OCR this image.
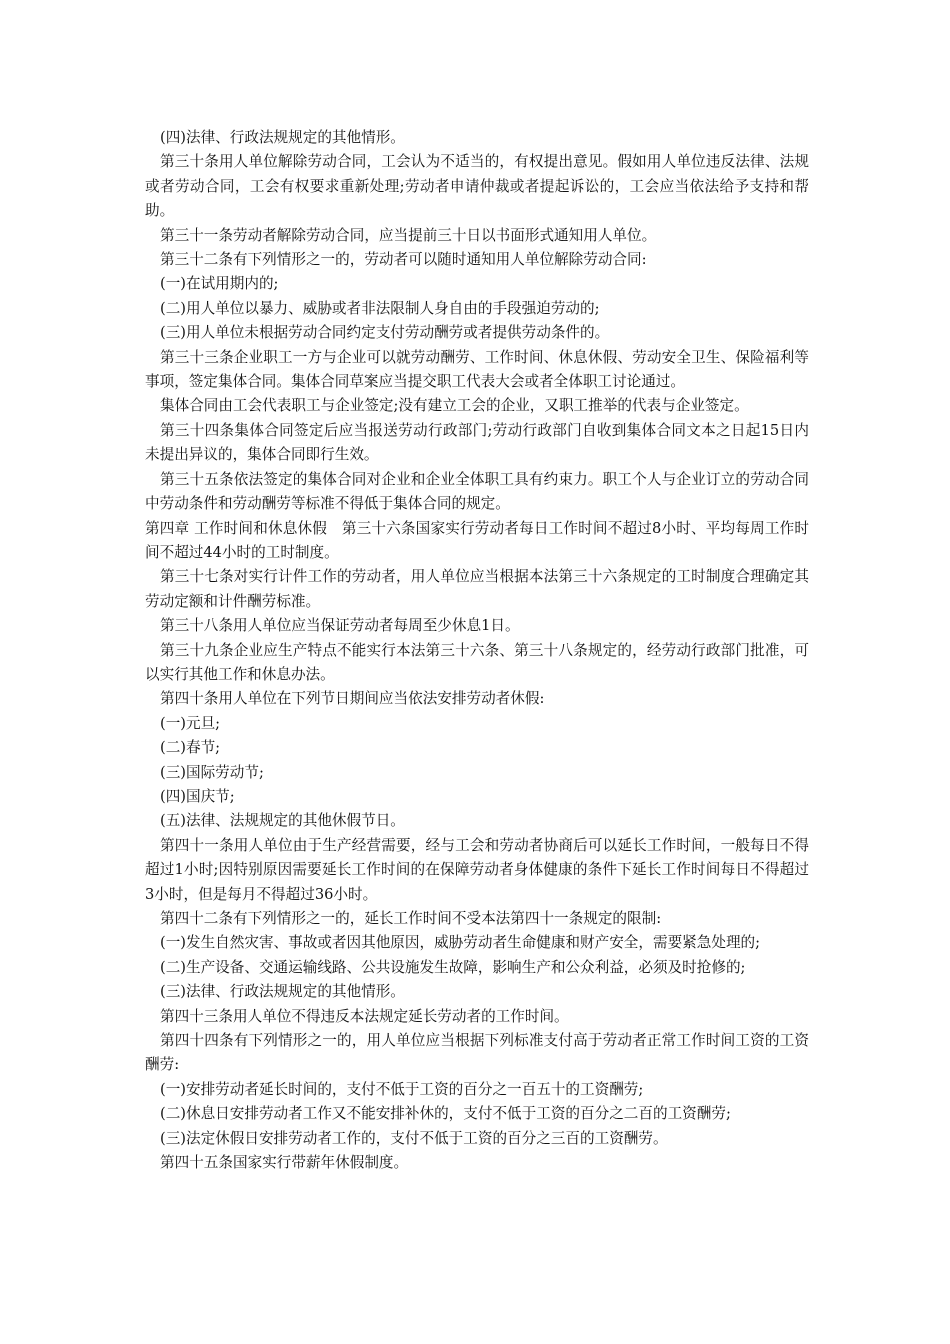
(四)法律、行政法规规定的其他情形。

第三十条用人单位解除劳动合同，工会认为不适当的，有权提出意见。假如用人单位违反法律、法规或者劳动合同，工会有权要求重新处理;劳动者申请仲裁或者提起诉讼的，工会应当依法给予支持和帮助。

第三十一条劳动者解除劳动合同，应当提前三十日以书面形式通知用人单位。

第三十二条有下列情形之一的，劳动者可以随时通知用人单位解除劳动合同:

(一)在试用期内的;

(二)用人单位以暴力、威胁或者非法限制人身自由的手段强迫劳动的;

(三)用人单位未根据劳动合同约定支付劳动酬劳或者提供劳动条件的。

第三十三条企业职工一方与企业可以就劳动酬劳、工作时间、休息休假、劳动安全卫生、保险福利等事项，签定集体合同。集体合同草案应当提交职工代表大会或者全体职工讨论通过。

集体合同由工会代表职工与企业签定;没有建立工会的企业，又职工推举的代表与企业签定。

第三十四条集体合同签定后应当报送劳动行政部门;劳动行政部门自收到集体合同文本之日起15日内未提出异议的，集体合同即行生效。

第三十五条依法签定的集体合同对企业和企业全体职工具有约束力。职工个人与企业订立的劳动合同中劳动条件和劳动酬劳等标准不得低于集体合同的规定。

第四章 工作时间和休息休假　第三十六条国家实行劳动者每日工作时间不超过8小时、平均每周工作时间不超过44小时的工时制度。

第三十七条对实行计件工作的劳动者，用人单位应当根据本法第三十六条规定的工时制度合理确定其劳动定额和计件酬劳标准。

第三十八条用人单位应当保证劳动者每周至少休息1日。

第三十九条企业应生产特点不能实行本法第三十六条、第三十八条规定的，经劳动行政部门批准，可以实行其他工作和休息办法。

第四十条用人单位在下列节日期间应当依法安排劳动者休假:

(一)元旦;

(二)春节;

(三)国际劳动节;

(四)国庆节;

(五)法律、法规规定的其他休假节日。

第四十一条用人单位由于生产经营需要，经与工会和劳动者协商后可以延长工作时间，一般每日不得超过1小时;因特别原因需要延长工作时间的在保障劳动者身体健康的条件下延长工作时间每日不得超过3小时，但是每月不得超过36小时。

第四十二条有下列情形之一的，延长工作时间不受本法第四十一条规定的限制:

(一)发生自然灾害、事故或者因其他原因，威胁劳动者生命健康和财产安全，需要紧急处理的;

(二)生产设备、交通运输线路、公共设施发生故障，影响生产和公众利益，必须及时抢修的;

(三)法律、行政法规规定的其他情形。

第四十三条用人单位不得违反本法规定延长劳动者的工作时间。

第四十四条有下列情形之一的，用人单位应当根据下列标准支付高于劳动者正常工作时间工资的工资酬劳:

(一)安排劳动者延长时间的，支付不低于工资的百分之一百五十的工资酬劳;

(二)休息日安排劳动者工作又不能安排补休的，支付不低于工资的百分之二百的工资酬劳;

(三)法定休假日安排劳动者工作的，支付不低于工资的百分之三百的工资酬劳。

第四十五条国家实行带薪年休假制度。
